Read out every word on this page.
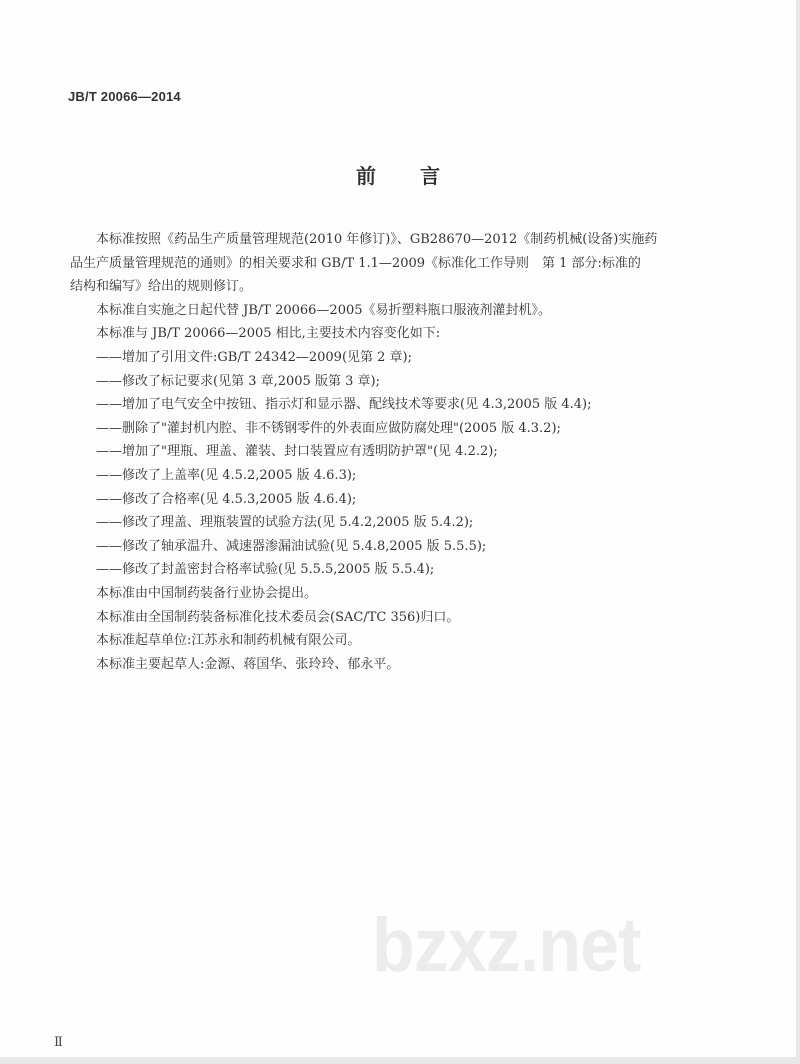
JB/T 20066—2014
前 言

本标准按照《药品生产质量管理规范(2010 年修订)》、GB28670—2012《制药机械(设备)实施药

品生产质量管理规范的通则》的相关要求和 GB/T 1.1—2009《标准化工作导则　第 1 部分:标准的

结构和编写》给出的规则修订。

本标准自实施之日起代替 JB/T 20066—2005《易折塑料瓶口服液剂灌封机》。

本标准与 JB/T 20066—2005 相比,主要技术内容变化如下:

——增加了引用文件:GB/T 24342—2009(见第 2 章);

——修改了标记要求(见第 3 章,2005 版第 3 章);

——增加了电气安全中按钮、指示灯和显示器、配线技术等要求(见 4.3,2005 版 4.4);

——删除了"灌封机内腔、非不锈钢零件的外表面应做防腐处理"(2005 版 4.3.2);

——增加了"理瓶、理盖、灌装、封口装置应有透明防护罩"(见 4.2.2);

——修改了上盖率(见 4.5.2,2005 版 4.6.3);

——修改了合格率(见 4.5.3,2005 版 4.6.4);

——修改了理盖、理瓶装置的试验方法(见 5.4.2,2005 版 5.4.2);

——修改了轴承温升、减速器渗漏油试验(见 5.4.8,2005 版 5.5.5);

——修改了封盖密封合格率试验(见 5.5.5,2005 版 5.5.4);

本标准由中国制药装备行业协会提出。

本标准由全国制药装备标准化技术委员会(SAC/TC 356)归口。

本标准起草单位:江苏永和制药机械有限公司。

本标准主要起草人:金源、蒋国华、张玲玲、郁永平。

bzxz.net
Ⅱ
